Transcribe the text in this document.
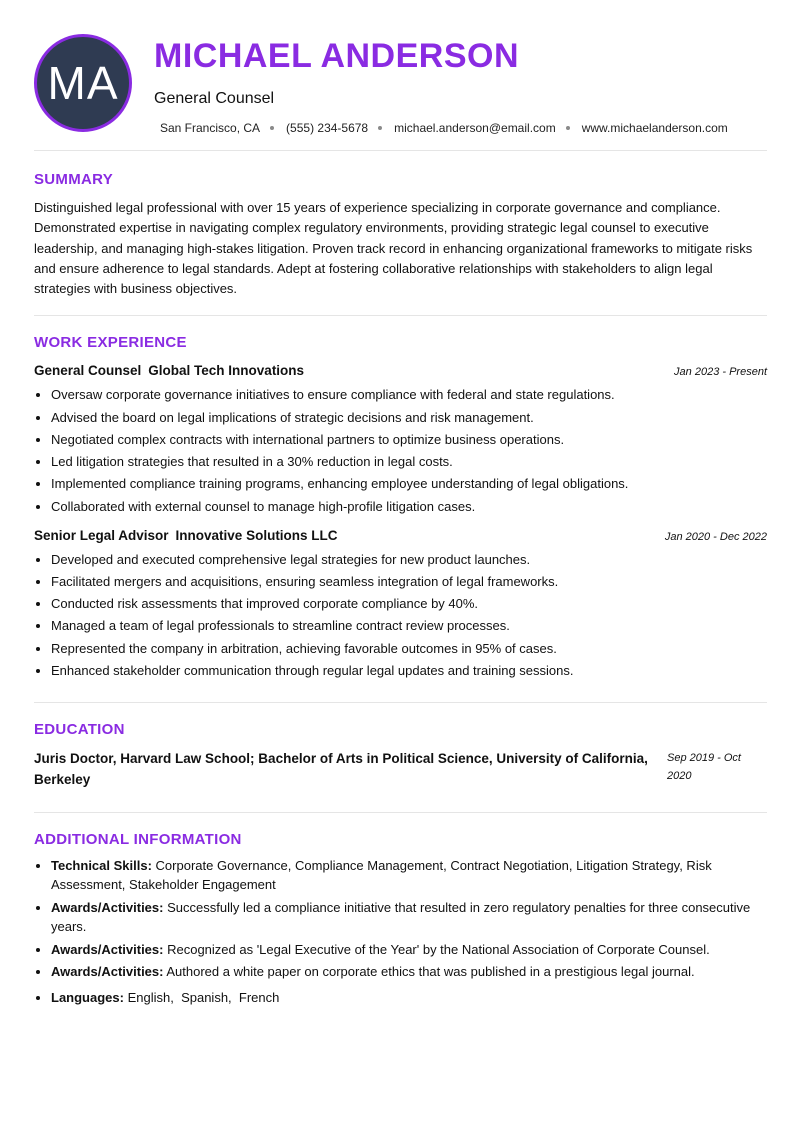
MA
MICHAEL ANDERSON
General Counsel
San Francisco, CA (555) 234-5678 michael.anderson@email.com www.michaelanderson.com
SUMMARY

Distinguished legal professional with over 15 years of experience specializing in corporate governance and compliance. Demonstrated expertise in navigating complex regulatory environments, providing strategic legal counsel to executive leadership, and managing high-stakes litigation. Proven track record in enhancing organizational frameworks to mitigate risks and ensure adherence to legal standards. Adept at fostering collaborative relationships with stakeholders to align legal strategies with business objectives.

WORK EXPERIENCE
General Counsel Global Tech Innovations	Jan 2023 - Present
• Oversaw corporate governance initiatives to ensure compliance with federal and state regulations.
• Advised the board on legal implications of strategic decisions and risk management.
• Negotiated complex contracts with international partners to optimize business operations.
• Led litigation strategies that resulted in a 30% reduction in legal costs.
• Implemented compliance training programs, enhancing employee understanding of legal obligations.
• Collaborated with external counsel to manage high-profile litigation cases.
Senior Legal Advisor Innovative Solutions LLC	Jan 2020 - Dec 2022
• Developed and executed comprehensive legal strategies for new product launches.
• Facilitated mergers and acquisitions, ensuring seamless integration of legal frameworks.
• Conducted risk assessments that improved corporate compliance by 40%.
• Managed a team of legal professionals to streamline contract review processes.
• Represented the company in arbitration, achieving favorable outcomes in 95% of cases.
• Enhanced stakeholder communication through regular legal updates and training sessions.
EDUCATION
Juris Doctor, Harvard Law School; Bachelor of Arts in Political Science, University of California, Berkeley
Sep 2019 - Oct 2020
ADDITIONAL INFORMATION
• Technical Skills: Corporate Governance, Compliance Management, Contract Negotiation, Litigation Strategy, Risk Assessment, Stakeholder Engagement
• Awards/Activities: Successfully led a compliance initiative that resulted in zero regulatory penalties for three consecutive years.
• Awards/Activities: Recognized as 'Legal Executive of the Year' by the National Association of Corporate Counsel.
• Awards/Activities: Authored a white paper on corporate ethics that was published in a prestigious legal journal.
• Languages: English,  Spanish,  French
